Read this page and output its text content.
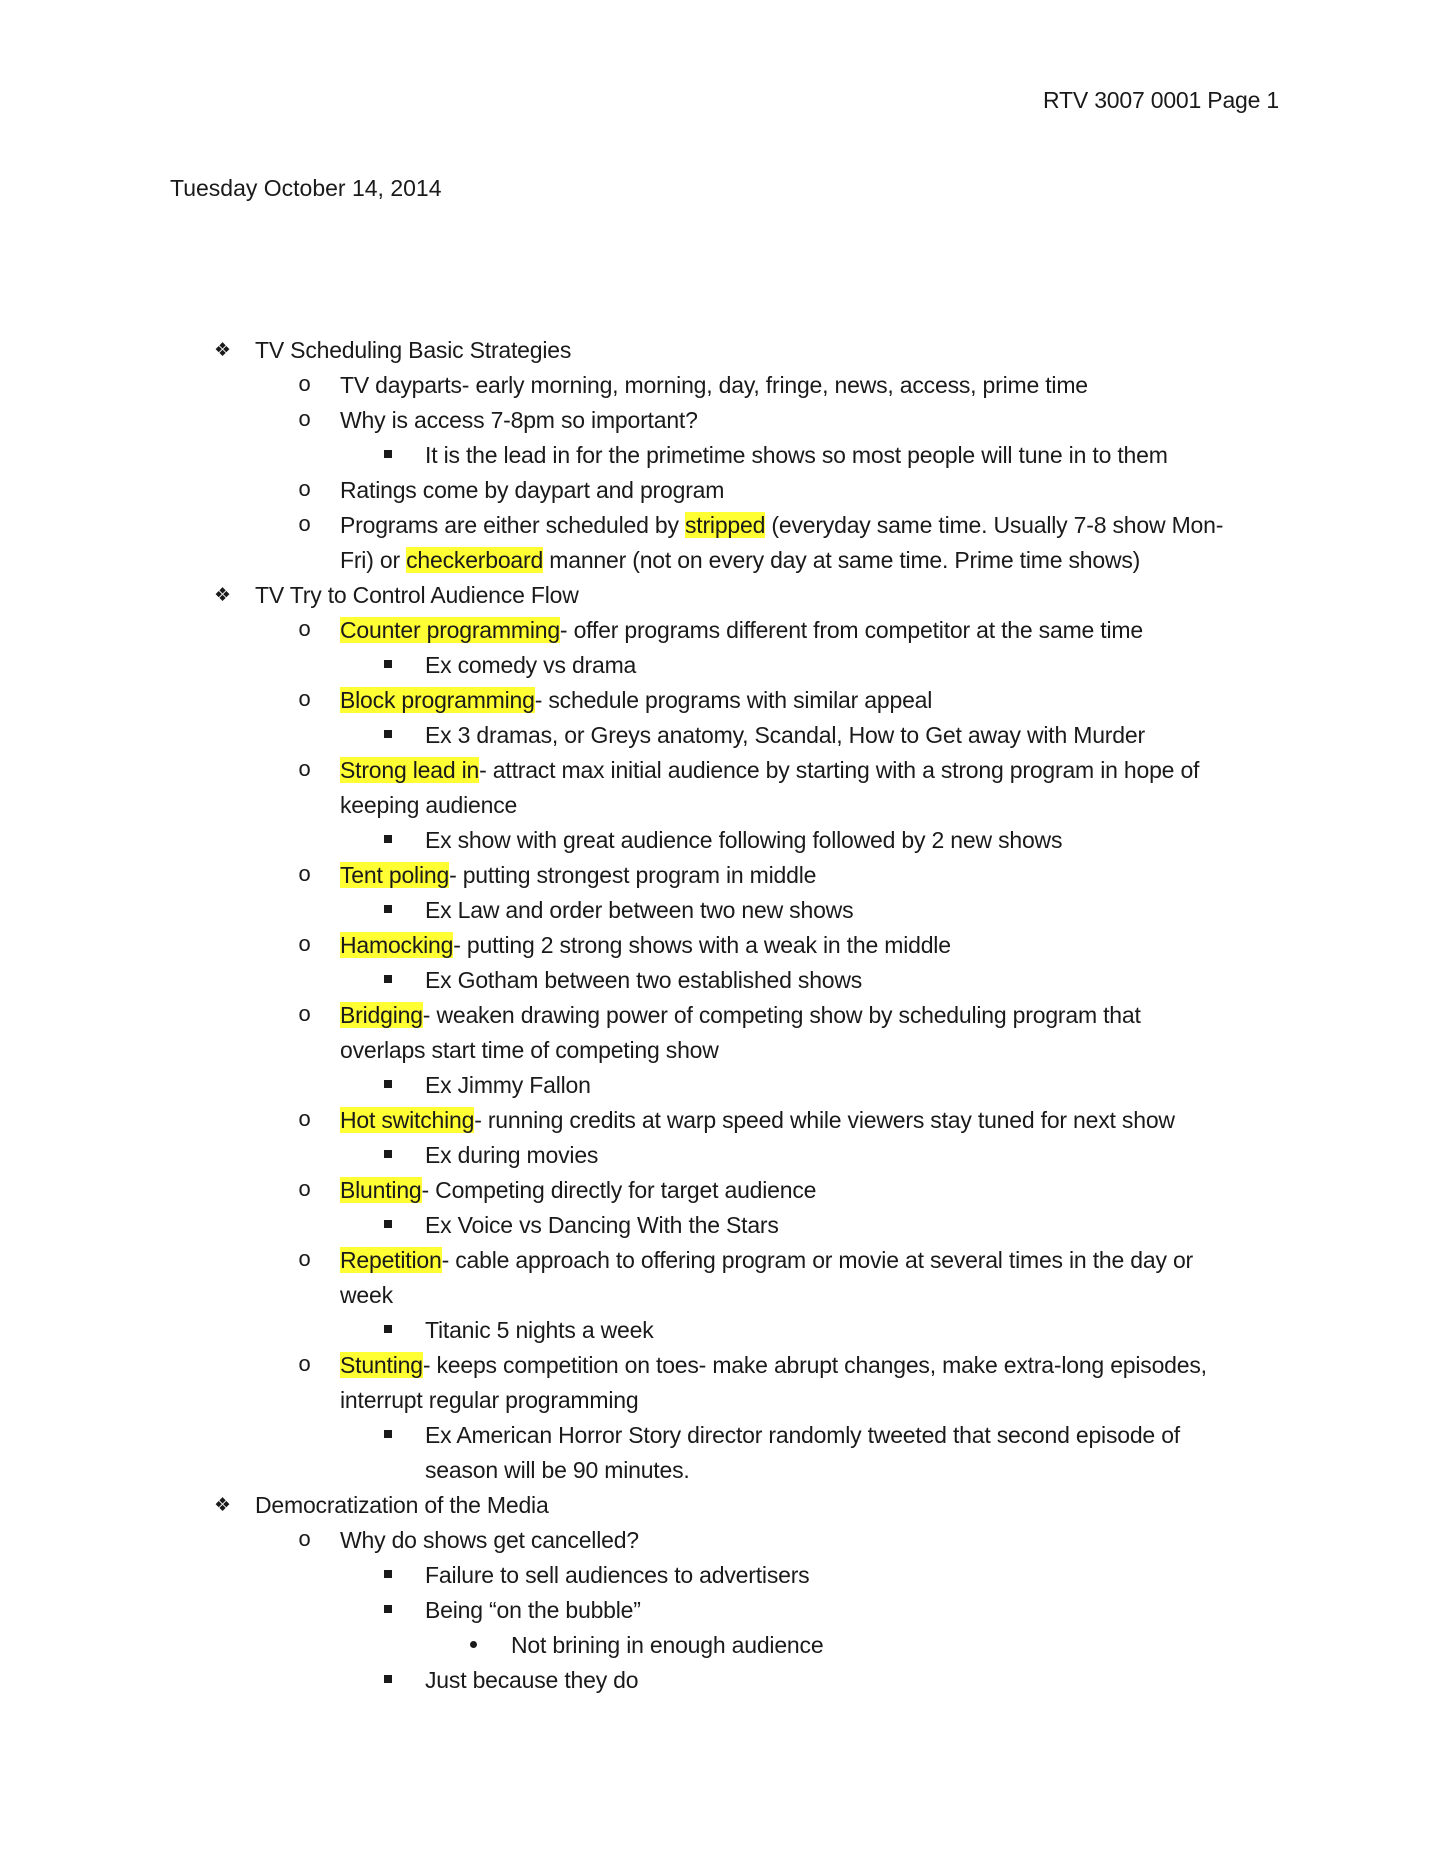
RTV 3007 0001 Page 1
Tuesday October 14, 2014
❖ TV Scheduling Basic Strategies
o TV dayparts- early morning, morning, day, fringe, news, access, prime time
o Why is access 7-8pm so important?
It is the lead in for the primetime shows so most people will tune in to them
o Ratings come by daypart and program
o Programs are either scheduled by stripped (everyday same time. Usually 7-8 show Mon-
Fri) or checkerboard manner (not on every day at same time. Prime time shows)
❖ TV Try to Control Audience Flow
o Counter programming- offer programs different from competitor at the same time
Ex comedy vs drama
o Block programming- schedule programs with similar appeal
Ex 3 dramas, or Greys anatomy, Scandal, How to Get away with Murder
o Strong lead in- attract max initial audience by starting with a strong program in hope of
keeping audience
Ex show with great audience following followed by 2 new shows
o Tent poling- putting strongest program in middle
Ex Law and order between two new shows
o Hamocking- putting 2 strong shows with a weak in the middle
Ex Gotham between two established shows
o Bridging- weaken drawing power of competing show by scheduling program that
overlaps start time of competing show
Ex Jimmy Fallon
o Hot switching- running credits at warp speed while viewers stay tuned for next show
Ex during movies
o Blunting- Competing directly for target audience
Ex Voice vs Dancing With the Stars
o Repetition- cable approach to offering program or movie at several times in the day or
week
Titanic 5 nights a week
o Stunting- keeps competition on toes- make abrupt changes, make extra-long episodes,
interrupt regular programming
Ex American Horror Story director randomly tweeted that second episode of
season will be 90 minutes.
❖ Democratization of the Media
o Why do shows get cancelled?
Failure to sell audiences to advertisers
Being “on the bubble”
Not brining in enough audience
Just because they do
